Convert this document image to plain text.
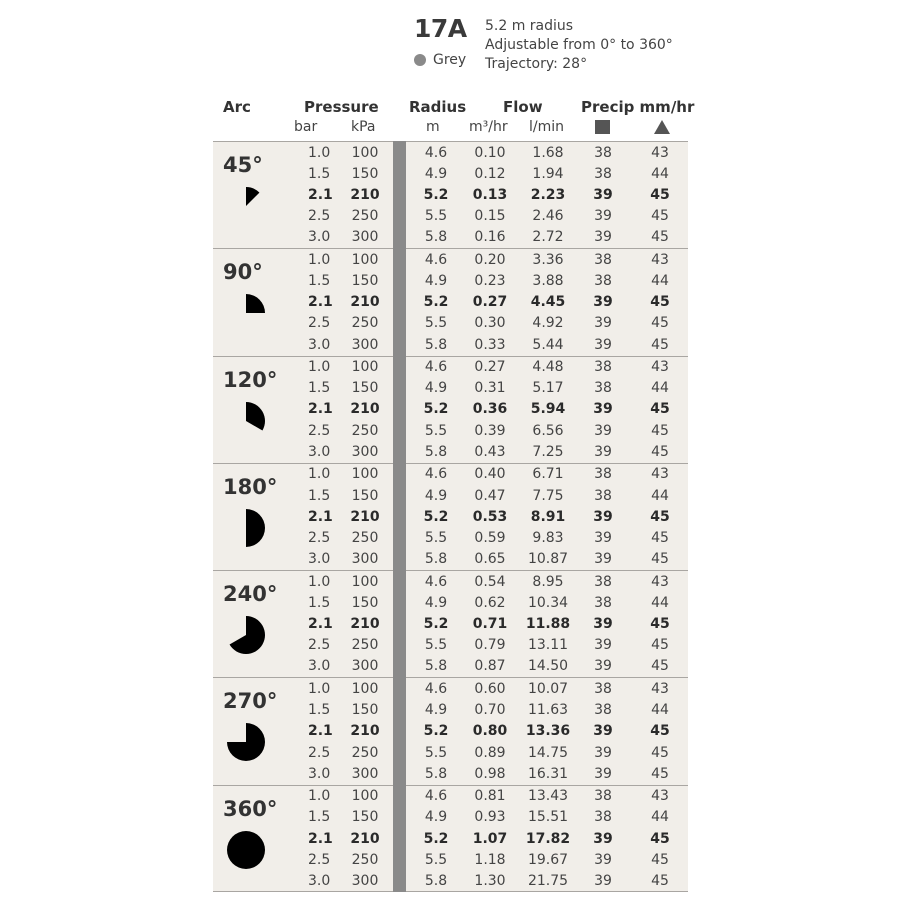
17A
Grey
5.2 m radius
Adjustable from 0° to 360°
Trajectory: 28°
Arc	Pressure Radius Flow	Precip mm/hr
bar kPa	m m³/hr l/min
45°
1.0 100	4.6	0.10	1.68	38	43
1.5 150	4.9	0.12	1.94	38	44
2.1 210	5.2 0.13	2.23	39	45
2.5 250	5.5	0.15	2.46	39	45
3.0 300	5.8	0.16	2.72	39	45
90°
1.0 100	4.6	0.20	3.36	38	43
1.5 150	4.9	0.23	3.88	38	44
2.1 210	5.2 0.27	4.45	39	45
2.5 250	5.5	0.30	4.92	39	45
3.0 300	5.8	0.33	5.44	39	45
120°
1.0 100	4.6	0.27	4.48	38	43
1.5 150	4.9	0.31	5.17	38	44
2.1 210	5.2 0.36	5.94	39	45
2.5 250	5.5	0.39	6.56	39	45
3.0 300	5.8	0.43	7.25	39	45
180°
1.0 100	4.6	0.40	6.71	38	43
1.5 150	4.9	0.47	7.75	38	44
2.1 210	5.2 0.53	8.91	39	45
2.5 250	5.5	0.59	9.83	39	45
3.0 300	5.8	0.65	10.87 39	45
240°
1.0 100	4.6	0.54	8.95	38	43
1.5 150	4.9	0.62	10.34 38	44
2.1 210	5.2 0.71 11.88 39	45
2.5 250	5.5	0.79	13.11 39	45
3.0 300	5.8	0.87	14.50 39	45
270°
1.0 100	4.6	0.60	10.07 38	43
1.5 150	4.9	0.70	11.63 38	44
2.1 210	5.2 0.80 13.36 39	45
2.5 250	5.5	0.89	14.75 39	45
3.0 300	5.8	0.98	16.31 39	45
360°
1.0 100	4.6	0.81	13.43 38	43
1.5 150	4.9	0.93	15.51 38	44
2.1 210	5.2 1.07 17.82 39	45
2.5 250	5.5	1.18	19.67 39	45
3.0 300	5.8	1.30	21.75 39	45
